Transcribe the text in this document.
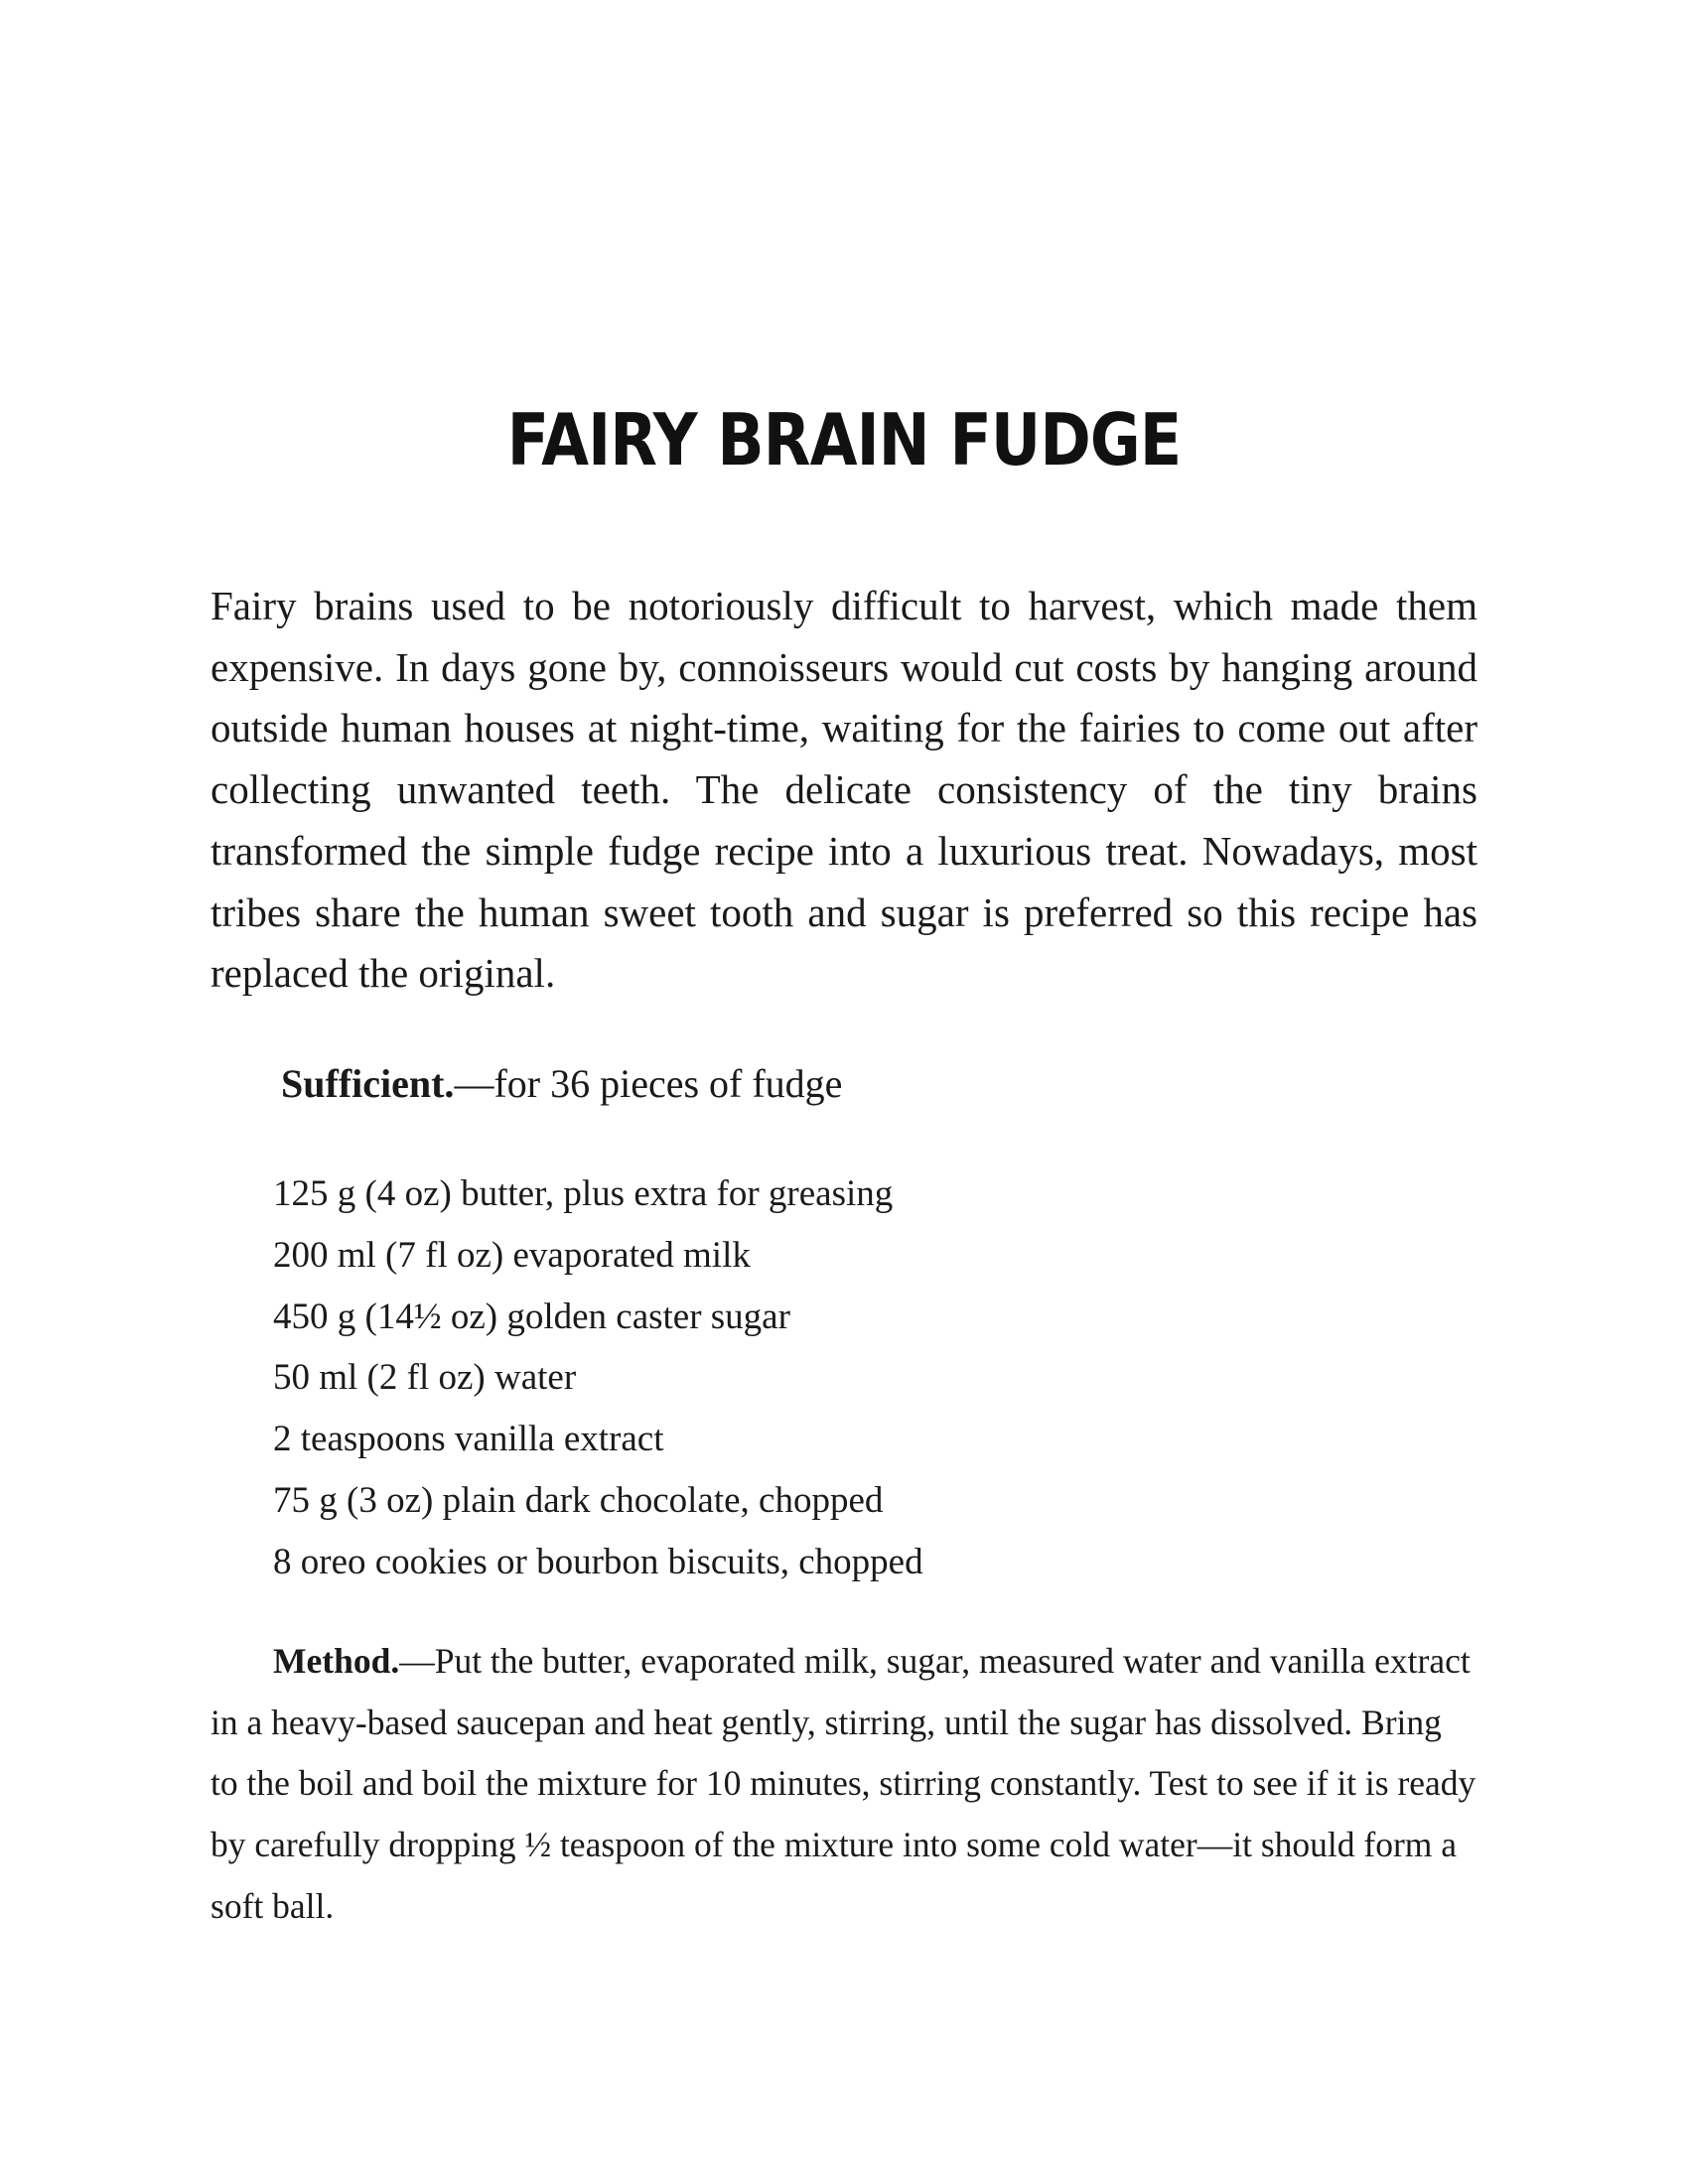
FAIRY BRAIN FUDGE

Fairy brains used to be notoriously difficult to harvest, which made them expensive. In days gone by, connoisseurs would cut costs by hanging around outside human houses at night-time, waiting for the fairies to come out after collecting unwanted teeth. The delicate consistency of the tiny brains transformed the simple fudge recipe into a luxurious treat. Nowadays, most tribes share the human sweet tooth and sugar is preferred so this recipe has replaced the original.

Sufficient.—for 36 pieces of fudge

125 g (4 oz) butter, plus extra for greasing
200 ml (7 fl oz) evaporated milk
450 g (14½ oz) golden caster sugar
50 ml (2 fl oz) water
2 teaspoons vanilla extract
75 g (3 oz) plain dark chocolate, chopped
8 oreo cookies or bourbon biscuits, chopped

Method.—Put the butter, evaporated milk, sugar, measured water and vanilla extract in a heavy-based saucepan and heat gently, stirring, until the sugar has dissolved. Bring to the boil and boil the mixture for 10 minutes, stirring constantly. Test to see if it is ready by carefully dropping ½ teaspoon of the mixture into some cold water—it should form a soft ball.
